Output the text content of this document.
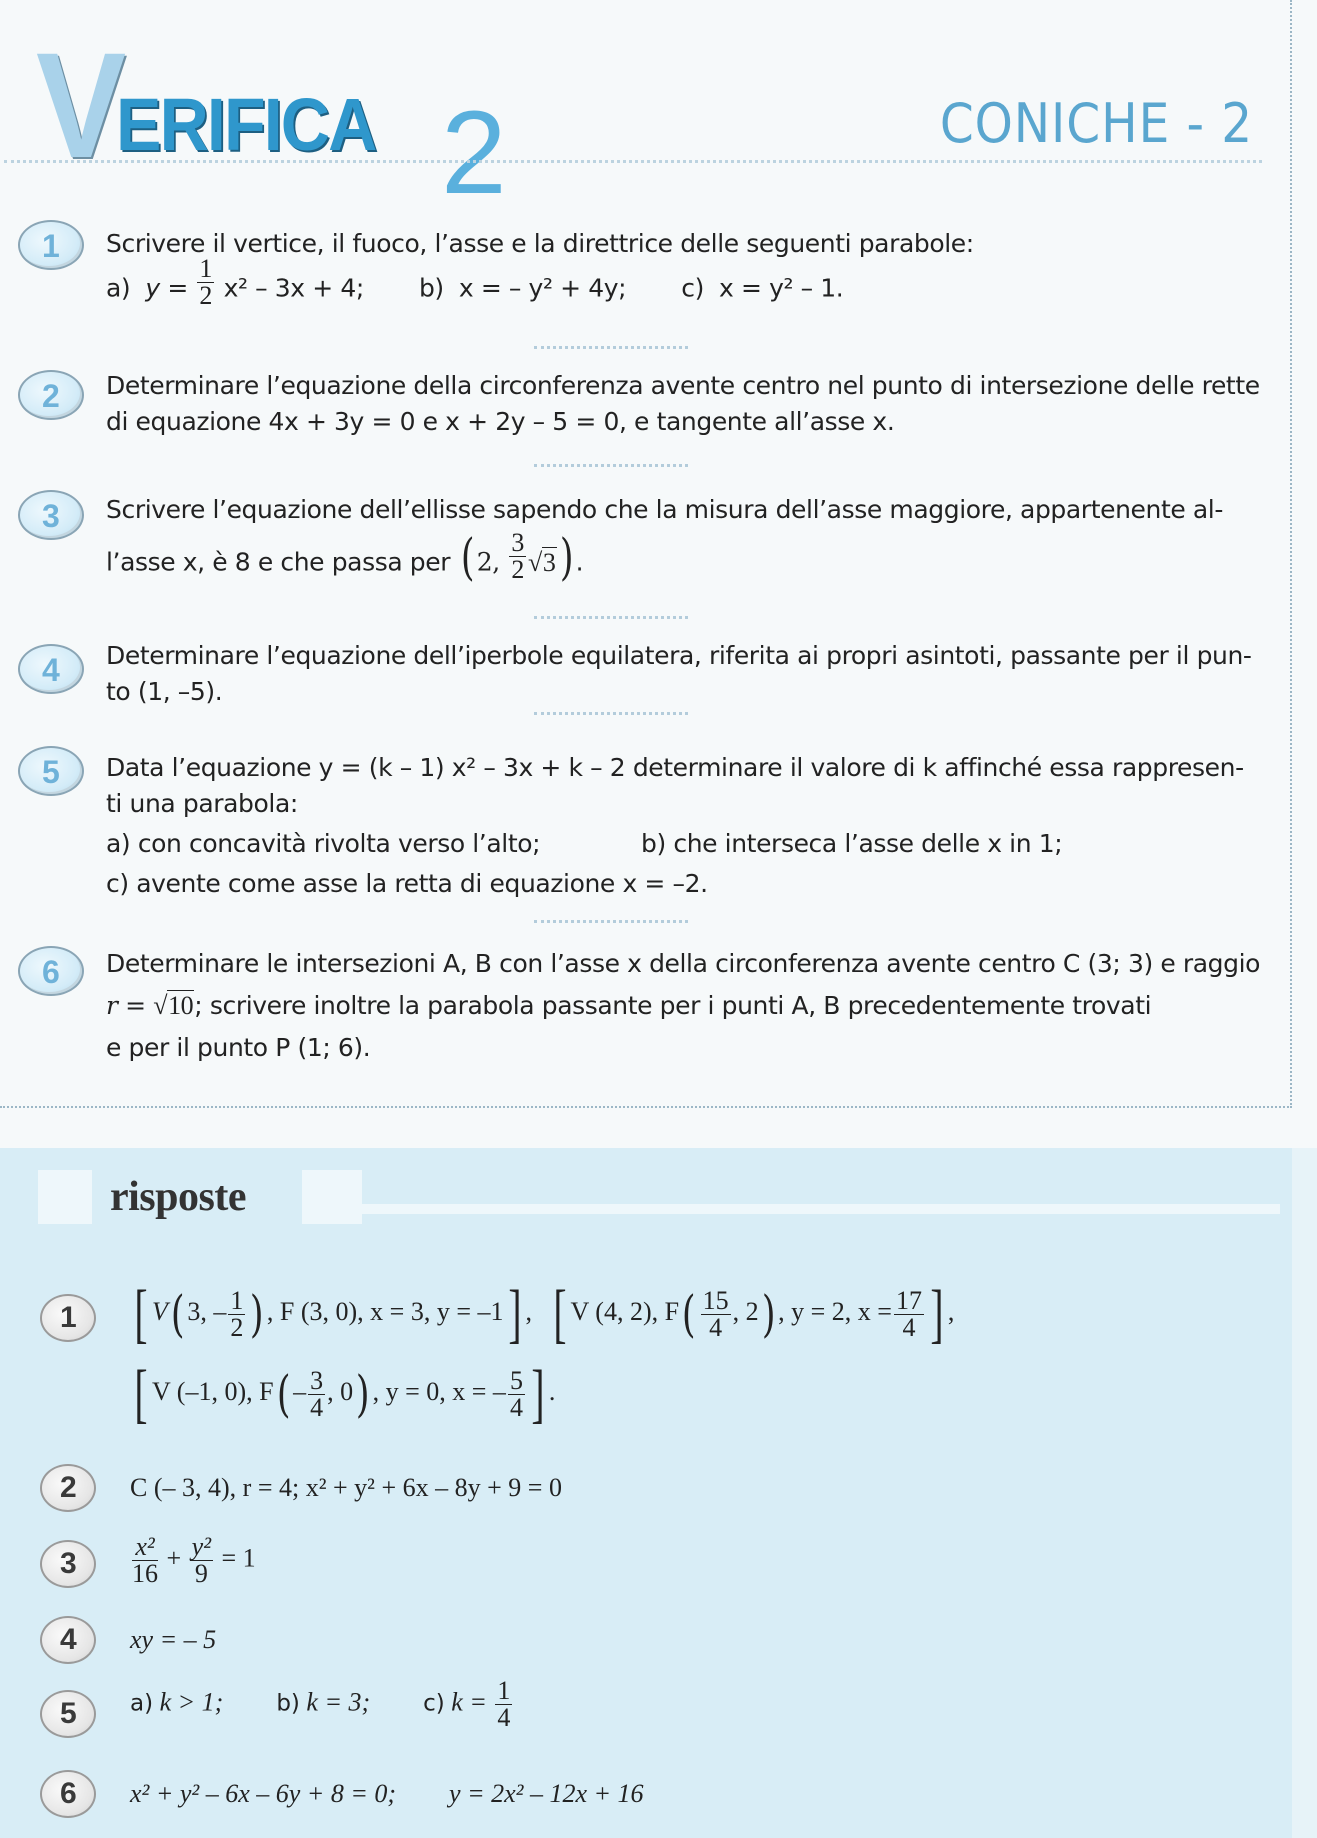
V
ERIFICA 2	CONICHE - 2
1 Scrivere il vertice, il fuoco, l’asse e la direttrice delle seguenti parabole:
a) $y = \frac{1}{2} x^2 - 3x + 4$; b) x = – y² + 4y; c) x = y² – 1.
2 Determinare l’equazione della circonferenza avente centro nel punto di intersezione delle rette
di equazione 4x + 3y = 0 e x + 2y – 5 = 0, e tangente all’asse x.
3 Scrivere l’equazione dell’ellisse sapendo che la misura dell’asse maggiore, appartenente al-
l’asse x, è 8 e che passa per ( 2, $\frac{3}{2} √3$) .
4 Determinare l’equazione dell’iperbole equilatera, riferita ai propri asintoti, passante per il pun-
to (1, –5).
5 Data l’equazione y = (k – 1) x² – 3x + k – 2 determinare il valore di k affinché essa rappresen-
ti una parabola:
a) con concavità rivolta verso l’alto;	b) che interseca l’asse delle x in 1;
c) avente come asse la retta di equazione x = –2.
6 Determinare le intersezioni A, B con l’asse x della circonferenza avente centro C (3; 3) e raggio
r = √10; scrivere inoltre la parabola passante per i punti A, B precedentemente trovati
e per il punto P (1; 6).
risposte
1 [ V( 3, – $\frac{1}{2}$ ) , F (3, 0), x = 3, y = –1] , [ V (4, 2), $F( \frac{15}{4}$ , 2) , y = 2, $x = \frac{17}{4}$ ] ,
[ V (–1, 0), $F( - \frac{3}{4}$ , 0) , y = 0, x = – $\frac{5}{4}$ ] .
2 C (– 3, 4), r = 4; x² + y² + 6x – 8y + 9 = 0
$3 \frac{\text{x²}}{16} + \frac{\text{y²}}{9} = 1$
4 xy = – 5
5 a) k > 1; b) k = 3; c) $k = \frac{1}{4}$
6 x² + y² – 6x – 6y + 8 = 0; y = 2x² – 12x + 16
